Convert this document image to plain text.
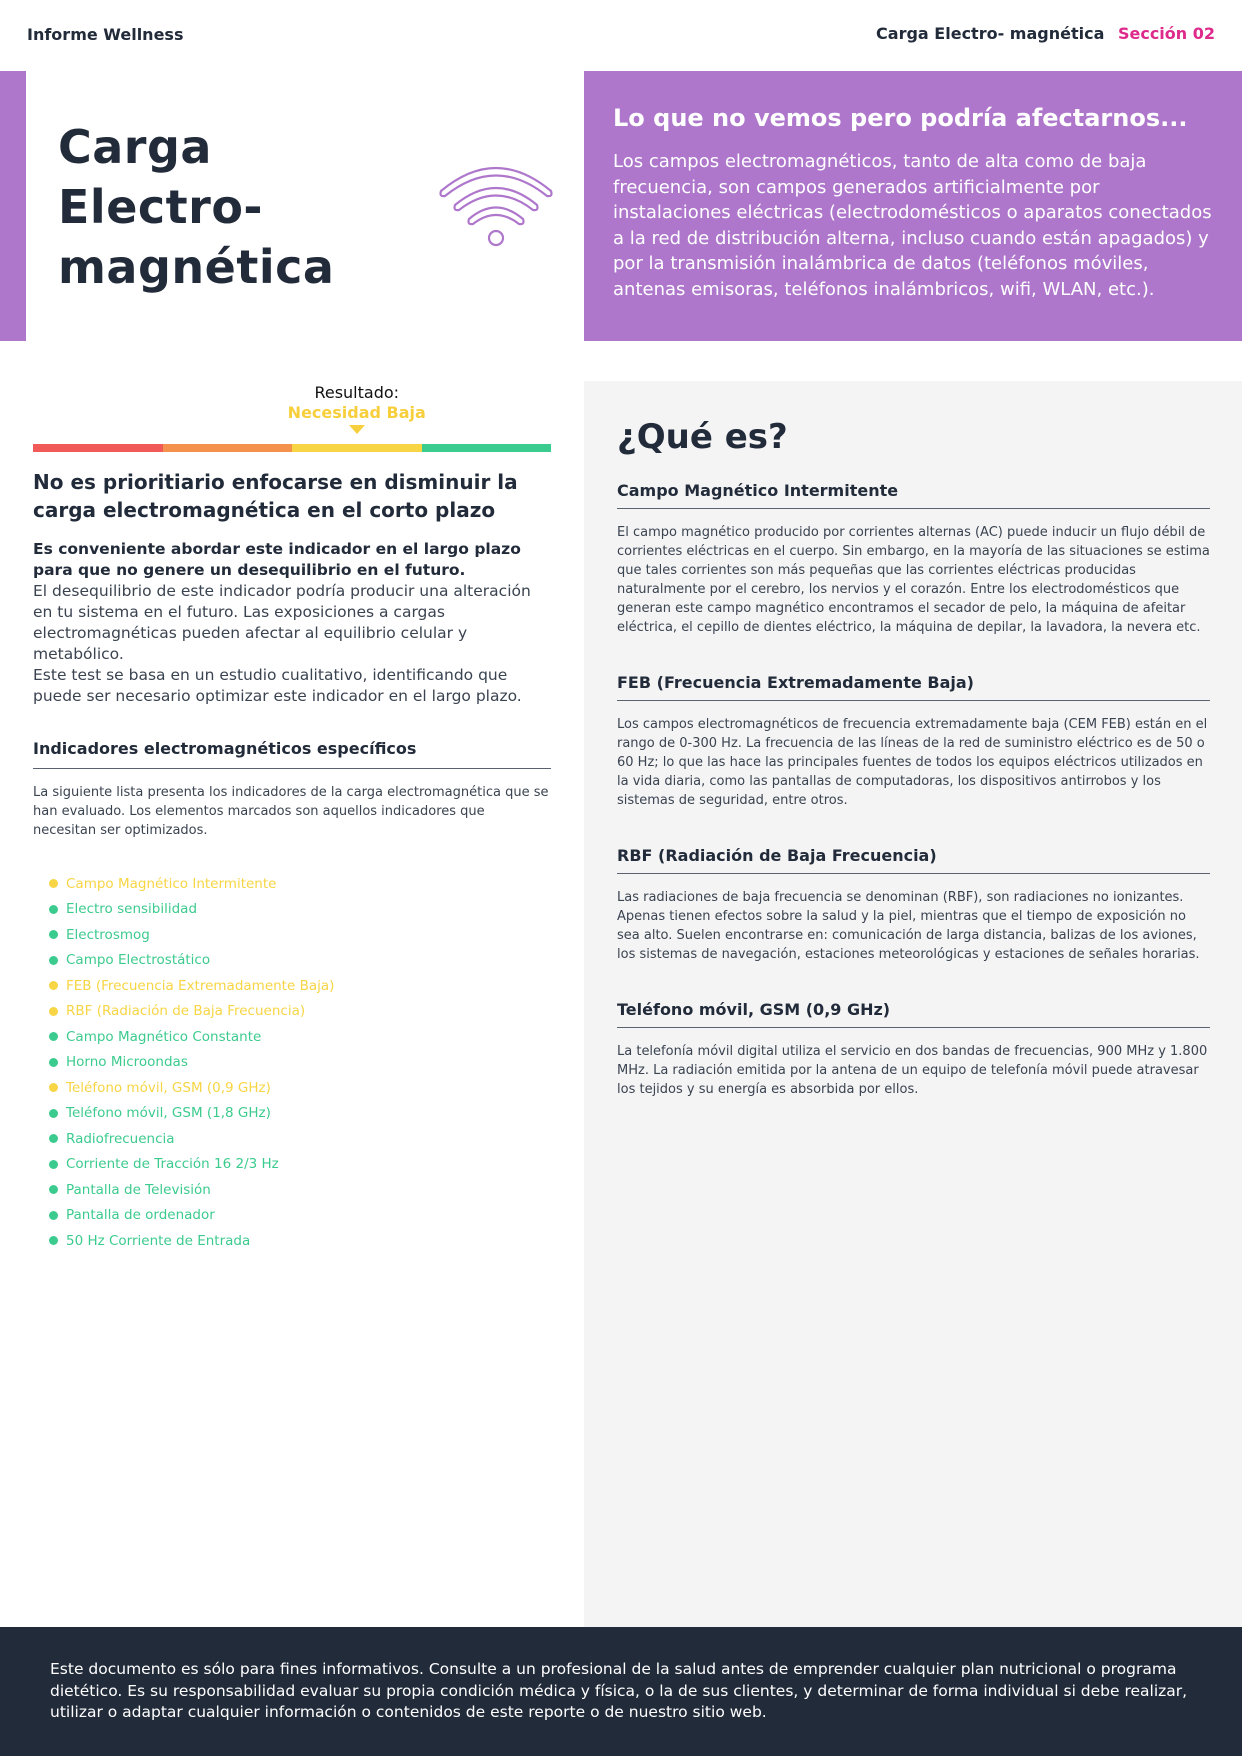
Informe Wellness	Carga Electro- magnética Sección 02
Carga
Electro-
magnética
Lo que no vemos pero podría afectarnos...

Los campos electromagnéticos, tanto de alta como de baja frecuencia, son campos generados artificialmente por instalaciones eléctricas (electrodomésticos o aparatos conectados a la red de distribución alterna, incluso cuando están apagados) y por la transmisión inalámbrica de datos (teléfonos móviles, antenas emisoras, teléfonos inalámbricos, wifi, WLAN, etc.).

Resultado:
Necesidad Baja
No es prioritiario enfocarse en disminuir la carga electromagnética en el corto plazo
Es conveniente abordar este indicador en el largo plazo para que no genere un desequilibrio en el futuro.
El desequilibrio de este indicador podría producir una alteración en tu sistema en el futuro. Las exposiciones a cargas electromagnéticas pueden afectar al equilibrio celular y metabólico.
Este test se basa en un estudio cualitativo, identificando que puede ser necesario optimizar este indicador en el largo plazo.
Indicadores electromagnéticos específicos
La siguiente lista presenta los indicadores de la carga electromagnética que se han evaluado. Los elementos marcados son aquellos indicadores que necesitan ser optimizados.
Campo Magnético Intermitente
Electro sensibilidad
Electrosmog
Campo Electrostático
FEB (Frecuencia Extremadamente Baja)
RBF (Radiación de Baja Frecuencia)
Campo Magnético Constante
Horno Microondas
Teléfono móvil, GSM (0,9 GHz)
Teléfono móvil, GSM (1,8 GHz)
Radiofrecuencia
Corriente de Tracción 16 2/3 Hz
Pantalla de Televisión
Pantalla de ordenador
50 Hz Corriente de Entrada
¿Qué es?
Campo Magnético Intermitente

El campo magnético producido por corrientes alternas (AC) puede inducir un flujo débil de corrientes eléctricas en el cuerpo. Sin embargo, en la mayoría de las situaciones se estima que tales corrientes son más pequeñas que las corrientes eléctricas producidas naturalmente por el cerebro, los nervios y el corazón. Entre los electrodomésticos que generan este campo magnético encontramos el secador de pelo, la máquina de afeitar eléctrica, el cepillo de dientes eléctrico, la máquina de depilar, la lavadora, la nevera etc.

FEB (Frecuencia Extremadamente Baja)

Los campos electromagnéticos de frecuencia extremadamente baja (CEM FEB) están en el rango de 0-300 Hz. La frecuencia de las líneas de la red de suministro eléctrico es de 50 o 60 Hz; lo que las hace las principales fuentes de todos los equipos eléctricos utilizados en la vida diaria, como las pantallas de computadoras, los dispositivos antirrobos y los sistemas de seguridad, entre otros.

RBF (Radiación de Baja Frecuencia)

Las radiaciones de baja frecuencia se denominan (RBF), son radiaciones no ionizantes. Apenas tienen efectos sobre la salud y la piel, mientras que el tiempo de exposición no sea alto. Suelen encontrarse en: comunicación de larga distancia, balizas de los aviones, los sistemas de navegación, estaciones meteorológicas y estaciones de señales horarias.

Teléfono móvil, GSM (0,9 GHz)

La telefonía móvil digital utiliza el servicio en dos bandas de frecuencias, 900 MHz y 1.800 MHz. La radiación emitida por la antena de un equipo de telefonía móvil puede atravesar los tejidos y su energía es absorbida por ellos.

Este documento es sólo para fines informativos. Consulte a un profesional de la salud antes de emprender cualquier plan nutricional o programa dietético. Es su responsabilidad evaluar su propia condición médica y física, o la de sus clientes, y determinar de forma individual si debe realizar, utilizar o adaptar cualquier información o contenidos de este reporte o de nuestro sitio web.
